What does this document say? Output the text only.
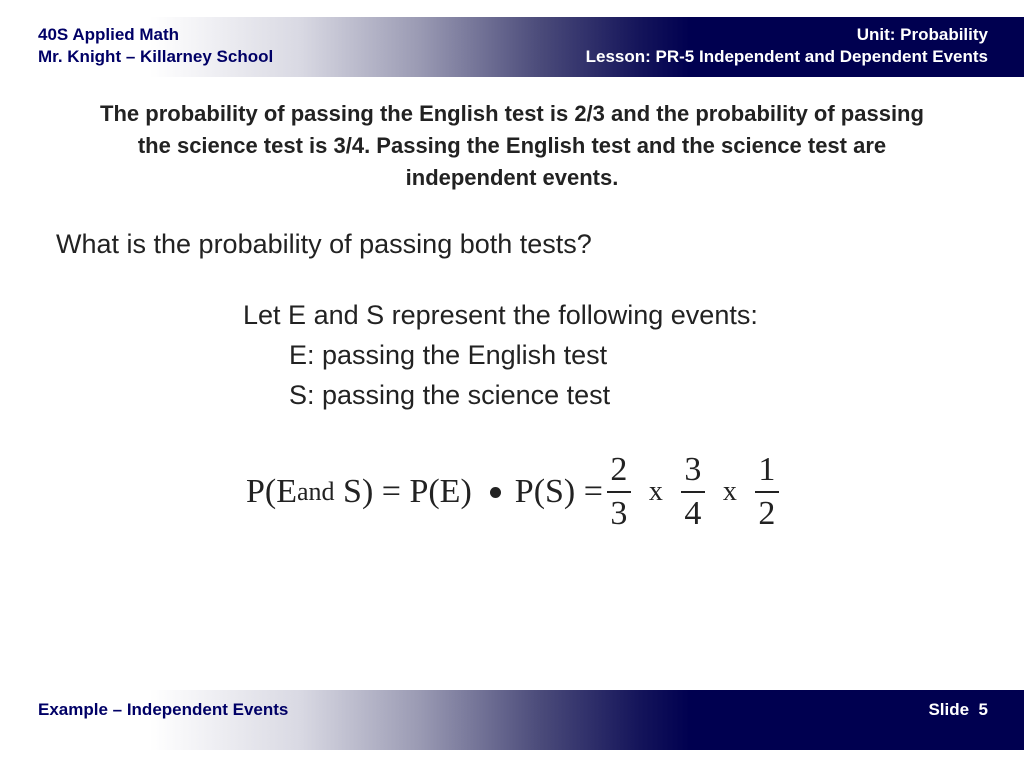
40S Applied Math
Mr. Knight – Killarney School
Unit: Probability
Lesson: PR-5 Independent and Dependent Events
The probability of passing the English test is 2/3 and the probability of passing
the science test is 3/4. Passing the English test and the science test are
independent events.
What is the probability of passing both tests?
Let E and S represent the following events:
E: passing the English test
S: passing the science test
P(E and S) = P(E) $P(S) = \frac{2}{3}$ x $\frac{3}{4}$ x $\frac{1}{2}$
Example – Independent Events	Slide  5
